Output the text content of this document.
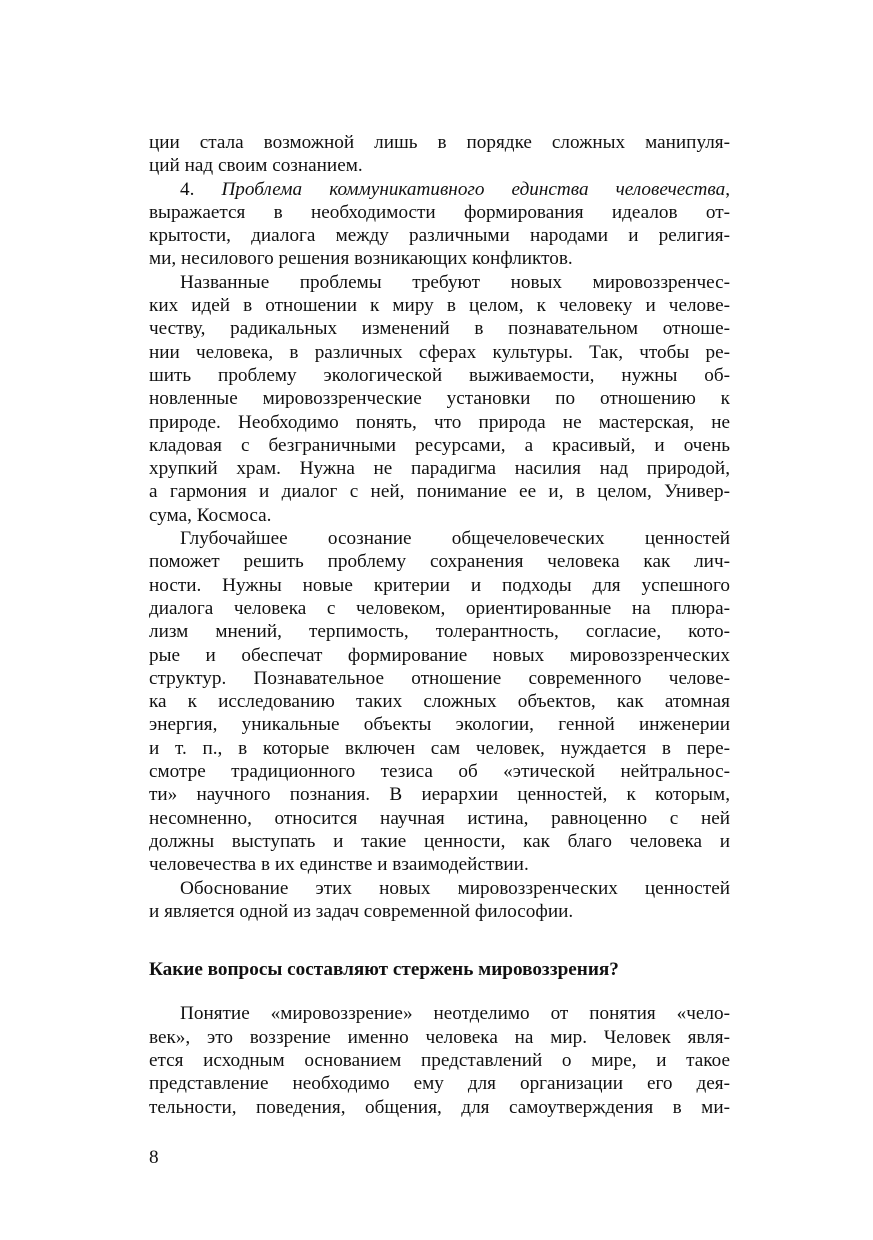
ции стала возможной лишь в порядке сложных манипуля-
ций над своим сознанием.
4. Проблема коммуникативного единства человечества,
выражается в необходимости формирования идеалов от-
крытости, диалога между различными народами и религия-
ми, несилового решения возникающих конфликтов.
Названные проблемы требуют новых мировоззренчес-
ких идей в отношении к миру в целом, к человеку и челове-
честву, радикальных изменений в познавательном отноше-
нии человека, в различных сферах культуры. Так, чтобы ре-
шить проблему экологической выживаемости, нужны об-
новленные мировоззренческие установки по отношению к
природе. Необходимо понять, что природа не мастерская, не
кладовая с безграничными ресурсами, а красивый, и очень
хрупкий храм. Нужна не парадигма насилия над природой,
а гармония и диалог с ней, понимание ее и, в целом, Универ-
сума, Космоса.
Глубочайшее осознание общечеловеческих ценностей
поможет решить проблему сохранения человека как лич-
ности. Нужны новые критерии и подходы для успешного
диалога человека с человеком, ориентированные на плюра-
лизм мнений, терпимость, толерантность, согласие, кото-
рые и обеспечат формирование новых мировоззренческих
структур. Познавательное отношение современного челове-
ка к исследованию таких сложных объектов, как атомная
энергия, уникальные объекты экологии, генной инженерии
и т. п., в которые включен сам человек, нуждается в пере-
смотре традиционного тезиса об «этической нейтральнос-
ти» научного познания. В иерархии ценностей, к которым,
несомненно, относится научная истина, равноценно с ней
должны выступать и такие ценности, как благо человека и
человечества в их единстве и взаимодействии.
Обоснование этих новых мировоззренческих ценностей
и является одной из задач современной философии.
Какие вопросы составляют стержень мировоззрения?
Понятие «мировоззрение» неотделимо от понятия «чело-
век», это воззрение именно человека на мир. Человек явля-
ется исходным основанием представлений о мире, и такое
представление необходимо ему для организации его дея-
тельности, поведения, общения, для самоутверждения в ми-
8
